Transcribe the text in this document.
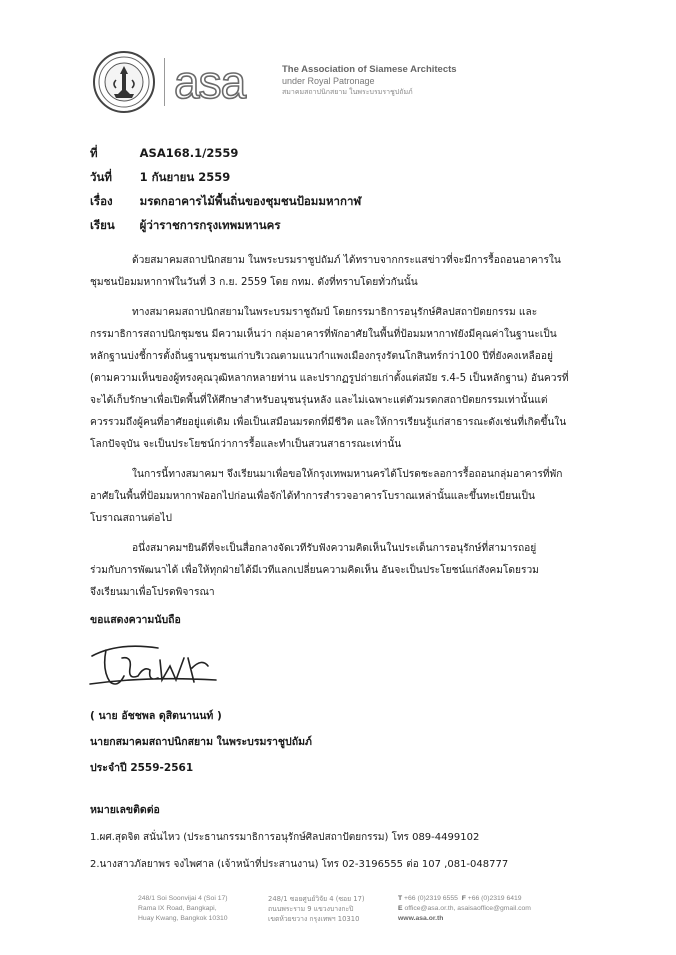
asa	The Association of Siamese Architects
under Royal Patronage
สมาคมสถาปนิกสยาม ในพระบรมราชูปถัมภ์
ที่	ASA168.1/2559
วันที่ 1 กันยายน 2559
เรื่อง มรดกอาคารไม้พื้นถิ่นของชุมชนป้อมมหากาฬ
เรียน ผู้ว่าราชการกรุงเทพมหานคร
ด้วยสมาคมสถาปนิกสยาม ในพระบรมราชูปถัมภ์ ได้ทราบจากกระแสข่าวที่จะมีการรื้อถอนอาคารใน
ชุมชนป้อมมหากาฬในวันที่ 3 ก.ย. 2559 โดย กทม. ดังที่ทราบโดยทั่วกันนั้น
ทางสมาคมสถาปนิกสยามในพระบรมราชูถัมป์ โดยกรรมาธิการอนุรักษ์ศิลปสถาปัตยกรรม และ
กรรมาธิการสถาปนิกชุมชน มีความเห็นว่า กลุ่มอาคารที่พักอาศัยในพื้นที่ป้อมมหากาฬยังมีคุณค่าในฐานะเป็น
หลักฐานบ่งชี้การตั้งถิ่นฐานชุมชนเก่าบริเวณตามแนวกำแพงเมืองกรุงรัตนโกสินทร์กว่า100 ปีที่ยังคงเหลืออยู่
(ตามความเห็นของผู้ทรงคุณวุฒิหลากหลายท่าน และปรากฏรูปถ่ายเก่าตั้งแต่สมัย ร.4-5 เป็นหลักฐาน) อันควรที่
จะได้เก็บรักษาเพื่อเปิดพื้นที่ให้ศึกษาสำหรับอนุชนรุ่นหลัง และไม่เฉพาะแต่ตัวมรดกสถาปัตยกรรมเท่านั้นแต่
ควรรวมถึงผู้คนที่อาศัยอยู่แต่เดิม เพื่อเป็นเสมือนมรดกที่มีชีวิต และให้การเรียนรู้แก่สาธารณะดังเช่นที่เกิดขึ้นใน
โลกปัจจุบัน จะเป็นประโยชน์กว่าการรื้อและทำเป็นสวนสาธารณะเท่านั้น
ในการนี้ทางสมาคมฯ จึงเรียนมาเพื่อขอให้กรุงเทพมหานครได้โปรดชะลอการรื้อถอนกลุ่มอาคารที่พัก
อาศัยในพื้นที่ป้อมมหากาฬออกไปก่อนเพื่อจักได้ทำการสำรวจอาคารโบราณเหล่านั้นและขึ้นทะเบียนเป็น
โบราณสถานต่อไป
อนึ่งสมาคมฯยินดีที่จะเป็นสื่อกลางจัดเวทีรับฟังความคิดเห็นในประเด็นการอนุรักษ์ที่สามารถอยู่
ร่วมกับการพัฒนาได้ เพื่อให้ทุกฝ่ายได้มีเวทีแลกเปลี่ยนความคิดเห็น อันจะเป็นประโยชน์แก่สังคมโดยรวม
จึงเรียนมาเพื่อโปรดพิจารณา
ขอแสดงความนับถือ
( นาย อัชชพล ดุสิตนานนท์ )
นายกสมาคมสถาปนิกสยาม ในพระบรมราชูปถัมภ์
ประจำปี 2559-2561
หมายเลขติดต่อ
1.ผศ.สุดจิต สนั่นไหว (ประธานกรรมาธิการอนุรักษ์ศิลปสถาปัตยกรรม) โทร 089-4499102
2.นางสาวภัลยาพร จงไพศาล (เจ้าหน้าที่ประสานงาน) โทร 02-3196555 ต่อ 107 ,081-048777
248/1 Soi Soonvijai 4 (Soi 17)
Rama IX Road, Bangkapi,
Huay Kwang, Bangkok 10310
248/1 ซอยศูนย์วิจัย 4 (ซอย 17)
ถนนพระราม 9 แขวงบางกะปิ
เขตห้วยขวาง กรุงเทพฯ 10310
T +66 (0)2319 6555 F +66 (0)2319 6419
E office@asa.or.th, asaisaoffice@gmail.com
www.asa.or.th
